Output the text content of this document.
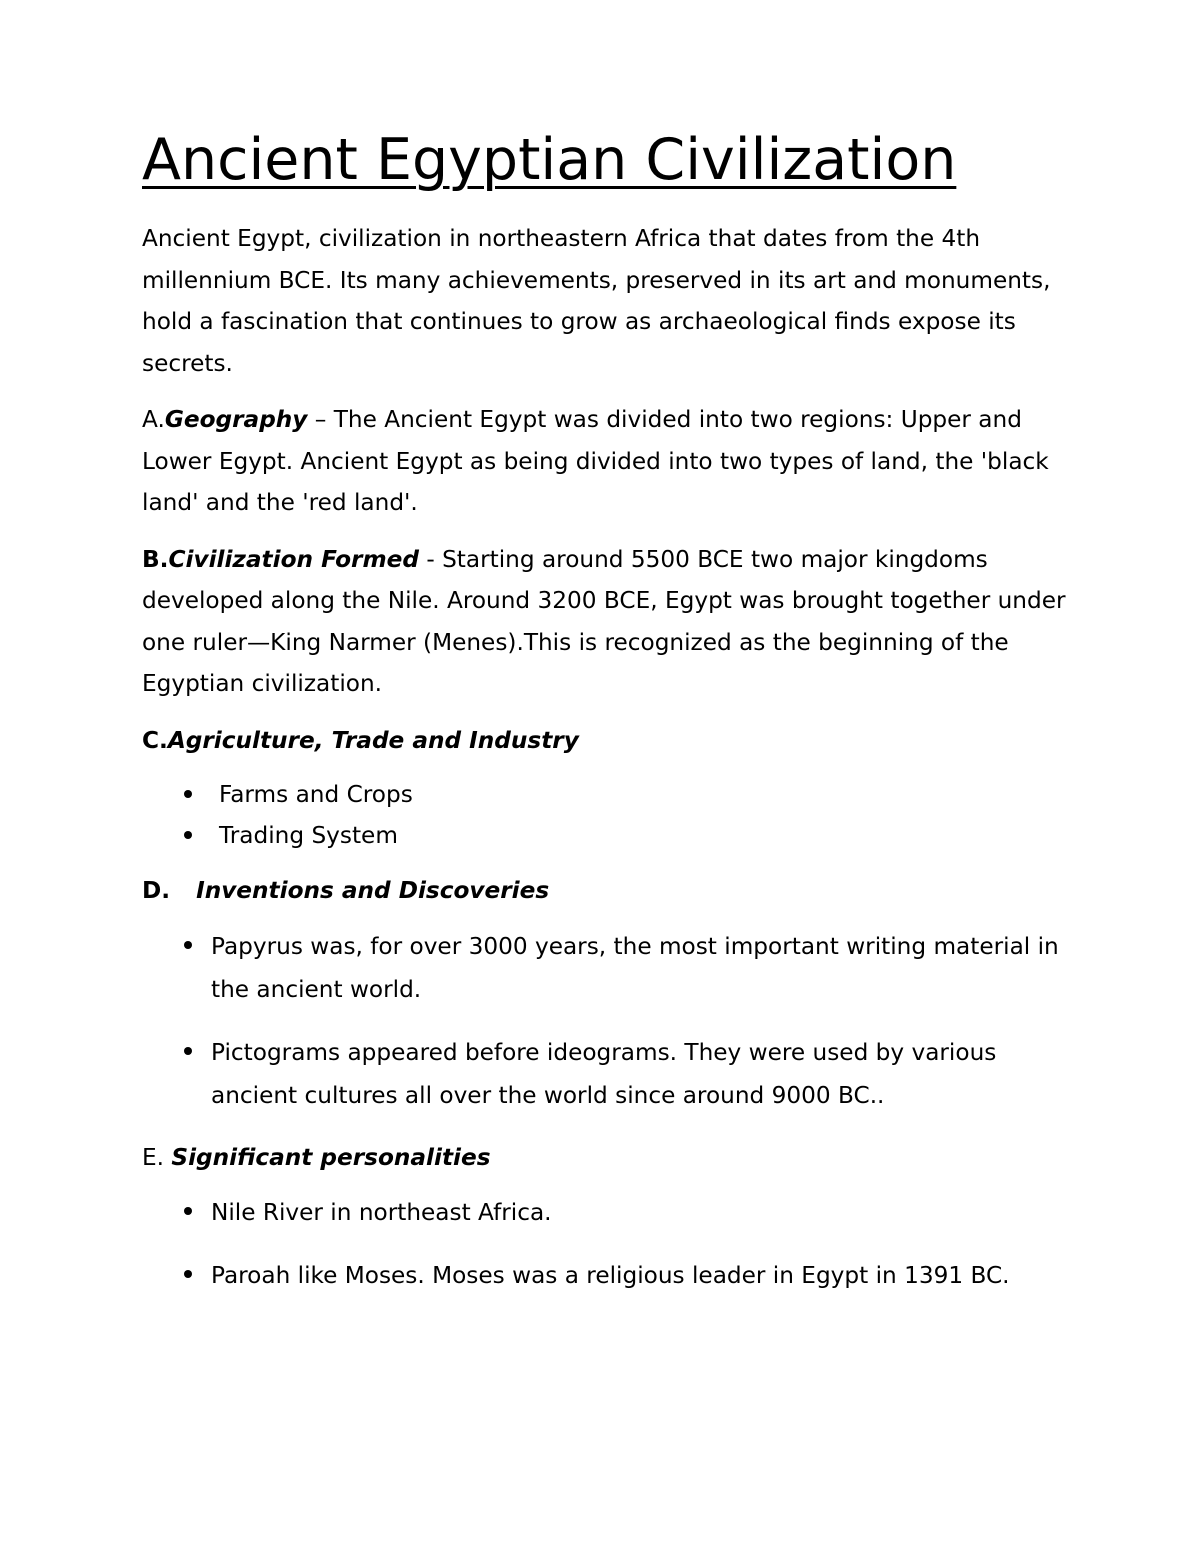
Ancient Egyptian Civilization

Ancient Egypt, civilization in northeastern Africa that dates from the 4th millennium BCE. Its many achievements, preserved in its art and monuments, hold a fascination that continues to grow as archaeological finds expose its secrets.

A.Geography – The Ancient Egypt was divided into two regions: Upper and Lower Egypt. Ancient Egypt as being divided into two types of land, the 'black land' and the 'red land'.

B.Civilization Formed - Starting around 5500 BCE two major kingdoms developed along the Nile. Around 3200 BCE, Egypt was brought together under one ruler—King Narmer (Menes).This is recognized as the beginning of the Egyptian civilization.

C.Agriculture, Trade and Industry

Farms and Crops
Trading System

D. Inventions and Discoveries

Papyrus was, for over 3000 years, the most important writing material in the ancient world.
Pictograms appeared before ideograms. They were used by various ancient cultures all over the world since around 9000 BC..

E. Significant personalities

Nile River in northeast Africa.
Paroah like Moses. Moses was a religious leader in Egypt in 1391 BC.
